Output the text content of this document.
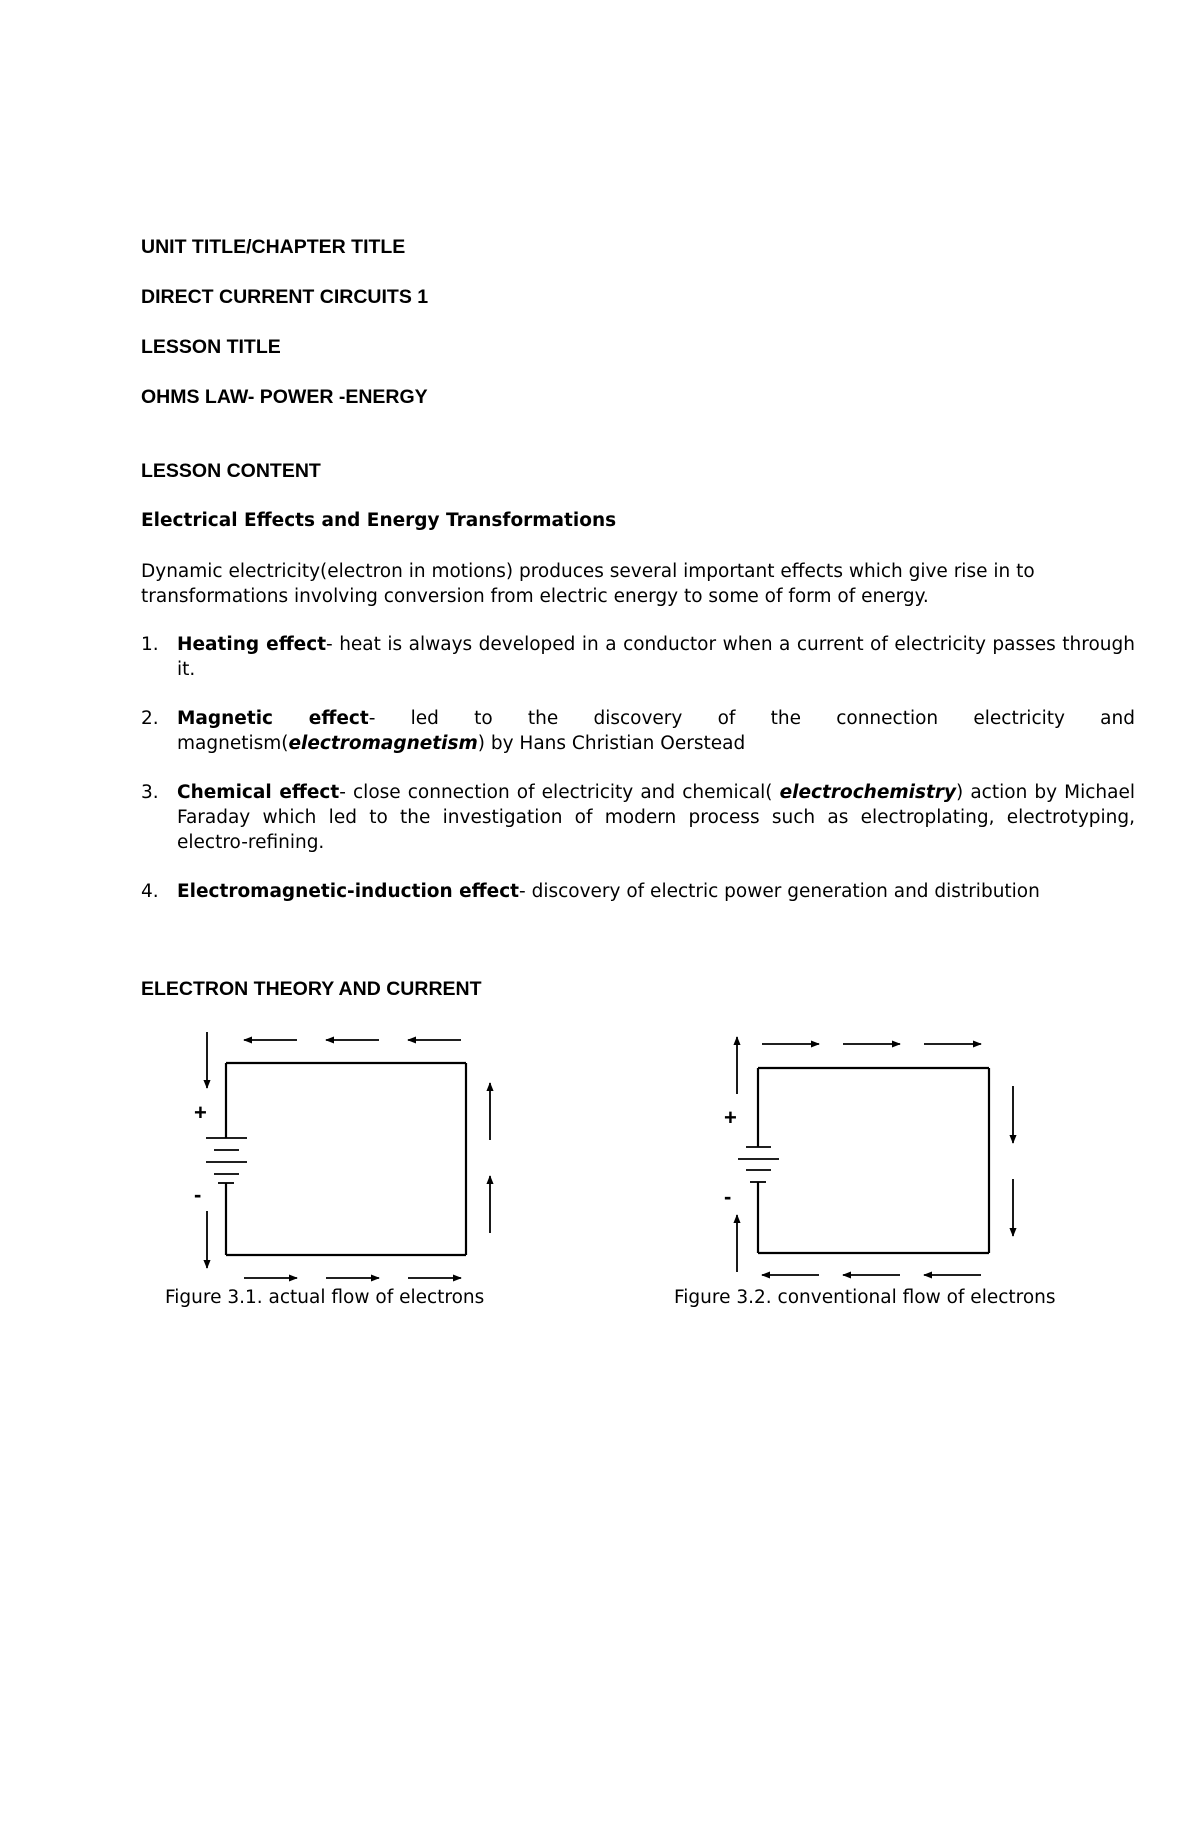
UNIT TITLE/CHAPTER TITLE

DIRECT CURRENT CIRCUITS 1

LESSON TITLE

OHMS LAW- POWER -ENERGY

LESSON CONTENT

Electrical Effects and Energy Transformations

Dynamic electricity(electron in motions) produces several important effects which give rise in to transformations involving conversion from electric energy to some of form of energy.

1. Heating effect- heat is always developed in a conductor when a current of electricity passes through it.
2. Magnetic effect- led to the discovery of the connection electricity and magnetism(electromagnetism) by Hans Christian Oerstead
3. Chemical effect- close connection of electricity and chemical( electrochemistry) action by Michael Faraday which led to the investigation of modern process such as electroplating, electrotyping, electro-refining.
4. Electromagnetic-induction effect- discovery of electric power generation and distribution

ELECTRON THEORY AND CURRENT

+
-
Figure 3.1. actual flow of electrons
+
-
Figure 3.2. conventional flow of electrons
